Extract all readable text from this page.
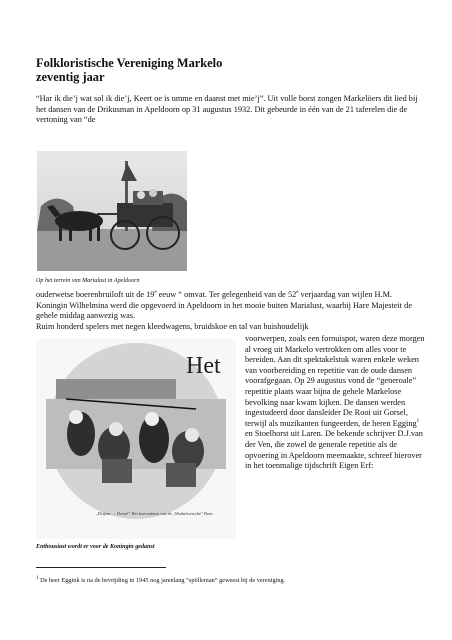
Folkloristische Vereniging Markelo
zeventig jaar

“Har ik die’j wat sol ik die’j, Keert oe is umme en daanst met mie’j”. Uit volle borst zongen Markelöers dit lied bij het dansen van de Drikusman in Apeldoorn op 31 augustus 1932. Dit gebeurde in één van de 21 taferelen die de vertoning van “de

Op het terrein van Marialust in Apeldoorn

ouderwetse boerenbruiloft uit de 19e eeuw “ omvat. Ter gelegenheid van de 52e verjaardag van wijlen H.M. Koningin Wilhelmina werd die opgevoerd in Apeldoorn in het mooie buiten Marialust, waarbij Hare Majesteit de gehele middag aanwezig was.
Ruim honderd spelers met negen kleedwagens, bruidskoe en tal van huishoudelijk

Het
„Drijem .... Drem!” Het boerenfeest van de „Markeloersche” Boer.

voorwerpen, zoals een fornuispot, waren deze morgen al vroeg uit Markelo vertrokken om alles voor te bereiden. Aan dit spektakelstuk waren enkele weken van voorbereiding en repetitie van de oude dansen voorafgegaan. Op 29 augustus vond de “generoale” repetitie plaats waar bijna de gehele Markelose bevolking naar kwam kijken. De dansen werden ingestudeerd door dansleider De Rooi uit Gorsel, terwijl als muzikanten fungeerden, de heren Egging$^1$ en Stoelhorst uit Laren. De bekende schrijver D.J.van der Ven, die zowel de generale repetitie als de opvoering in Apeldoorn meemaakte, schreef hierover in het toenmalige tijdschrift Eigen Erf:

Enthousiast wordt er voor de Koningin gedanst
$^1$ De heer Eggink is na de bevrijding in 1945 nog jarenlang “spölleman” geweest bij de vereniging.
